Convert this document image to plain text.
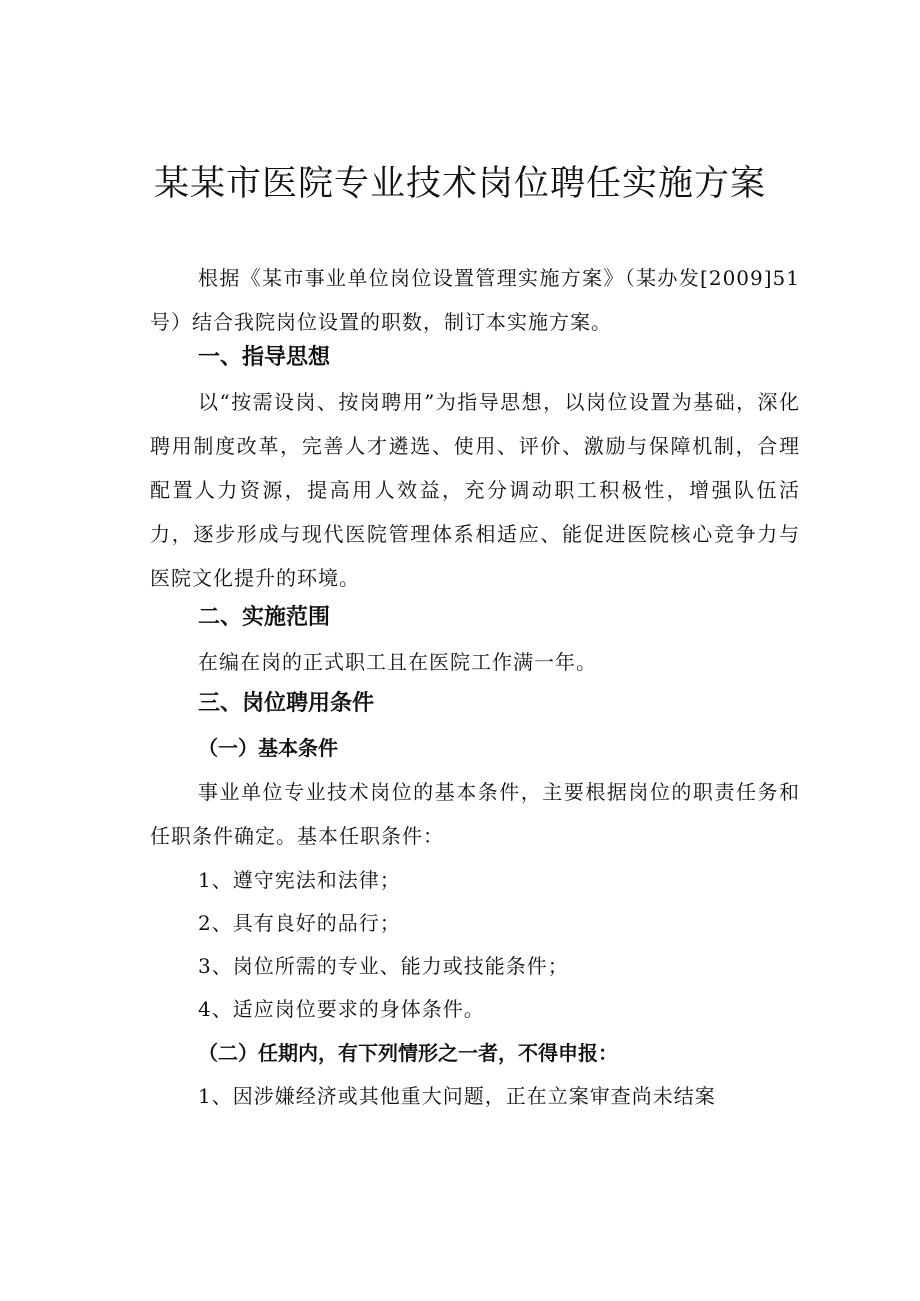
某某市医院专业技术岗位聘任实施方案
根据《某市事业单位岗位设置管理实施方案》（某办发[2009]51号）结合我院岗位设置的职数，制订本实施方案。
一、指导思想
以“按需设岗、按岗聘用”为指导思想，以岗位设置为基础，深化聘用制度改革，完善人才遴选、使用、评价、激励与保障机制，合理配置人力资源，提高用人效益，充分调动职工积极性，增强队伍活力，逐步形成与现代医院管理体系相适应、能促进医院核心竞争力与医院文化提升的环境。
二、实施范围
在编在岗的正式职工且在医院工作满一年。
三、岗位聘用条件
（一）基本条件
事业单位专业技术岗位的基本条件，主要根据岗位的职责任务和任职条件确定。基本任职条件：
1、遵守宪法和法律；
2、具有良好的品行；
3、岗位所需的专业、能力或技能条件；
4、适应岗位要求的身体条件。
（二）任期内，有下列情形之一者，不得申报：
1、因涉嫌经济或其他重大问题，正在立案审查尚未结案
